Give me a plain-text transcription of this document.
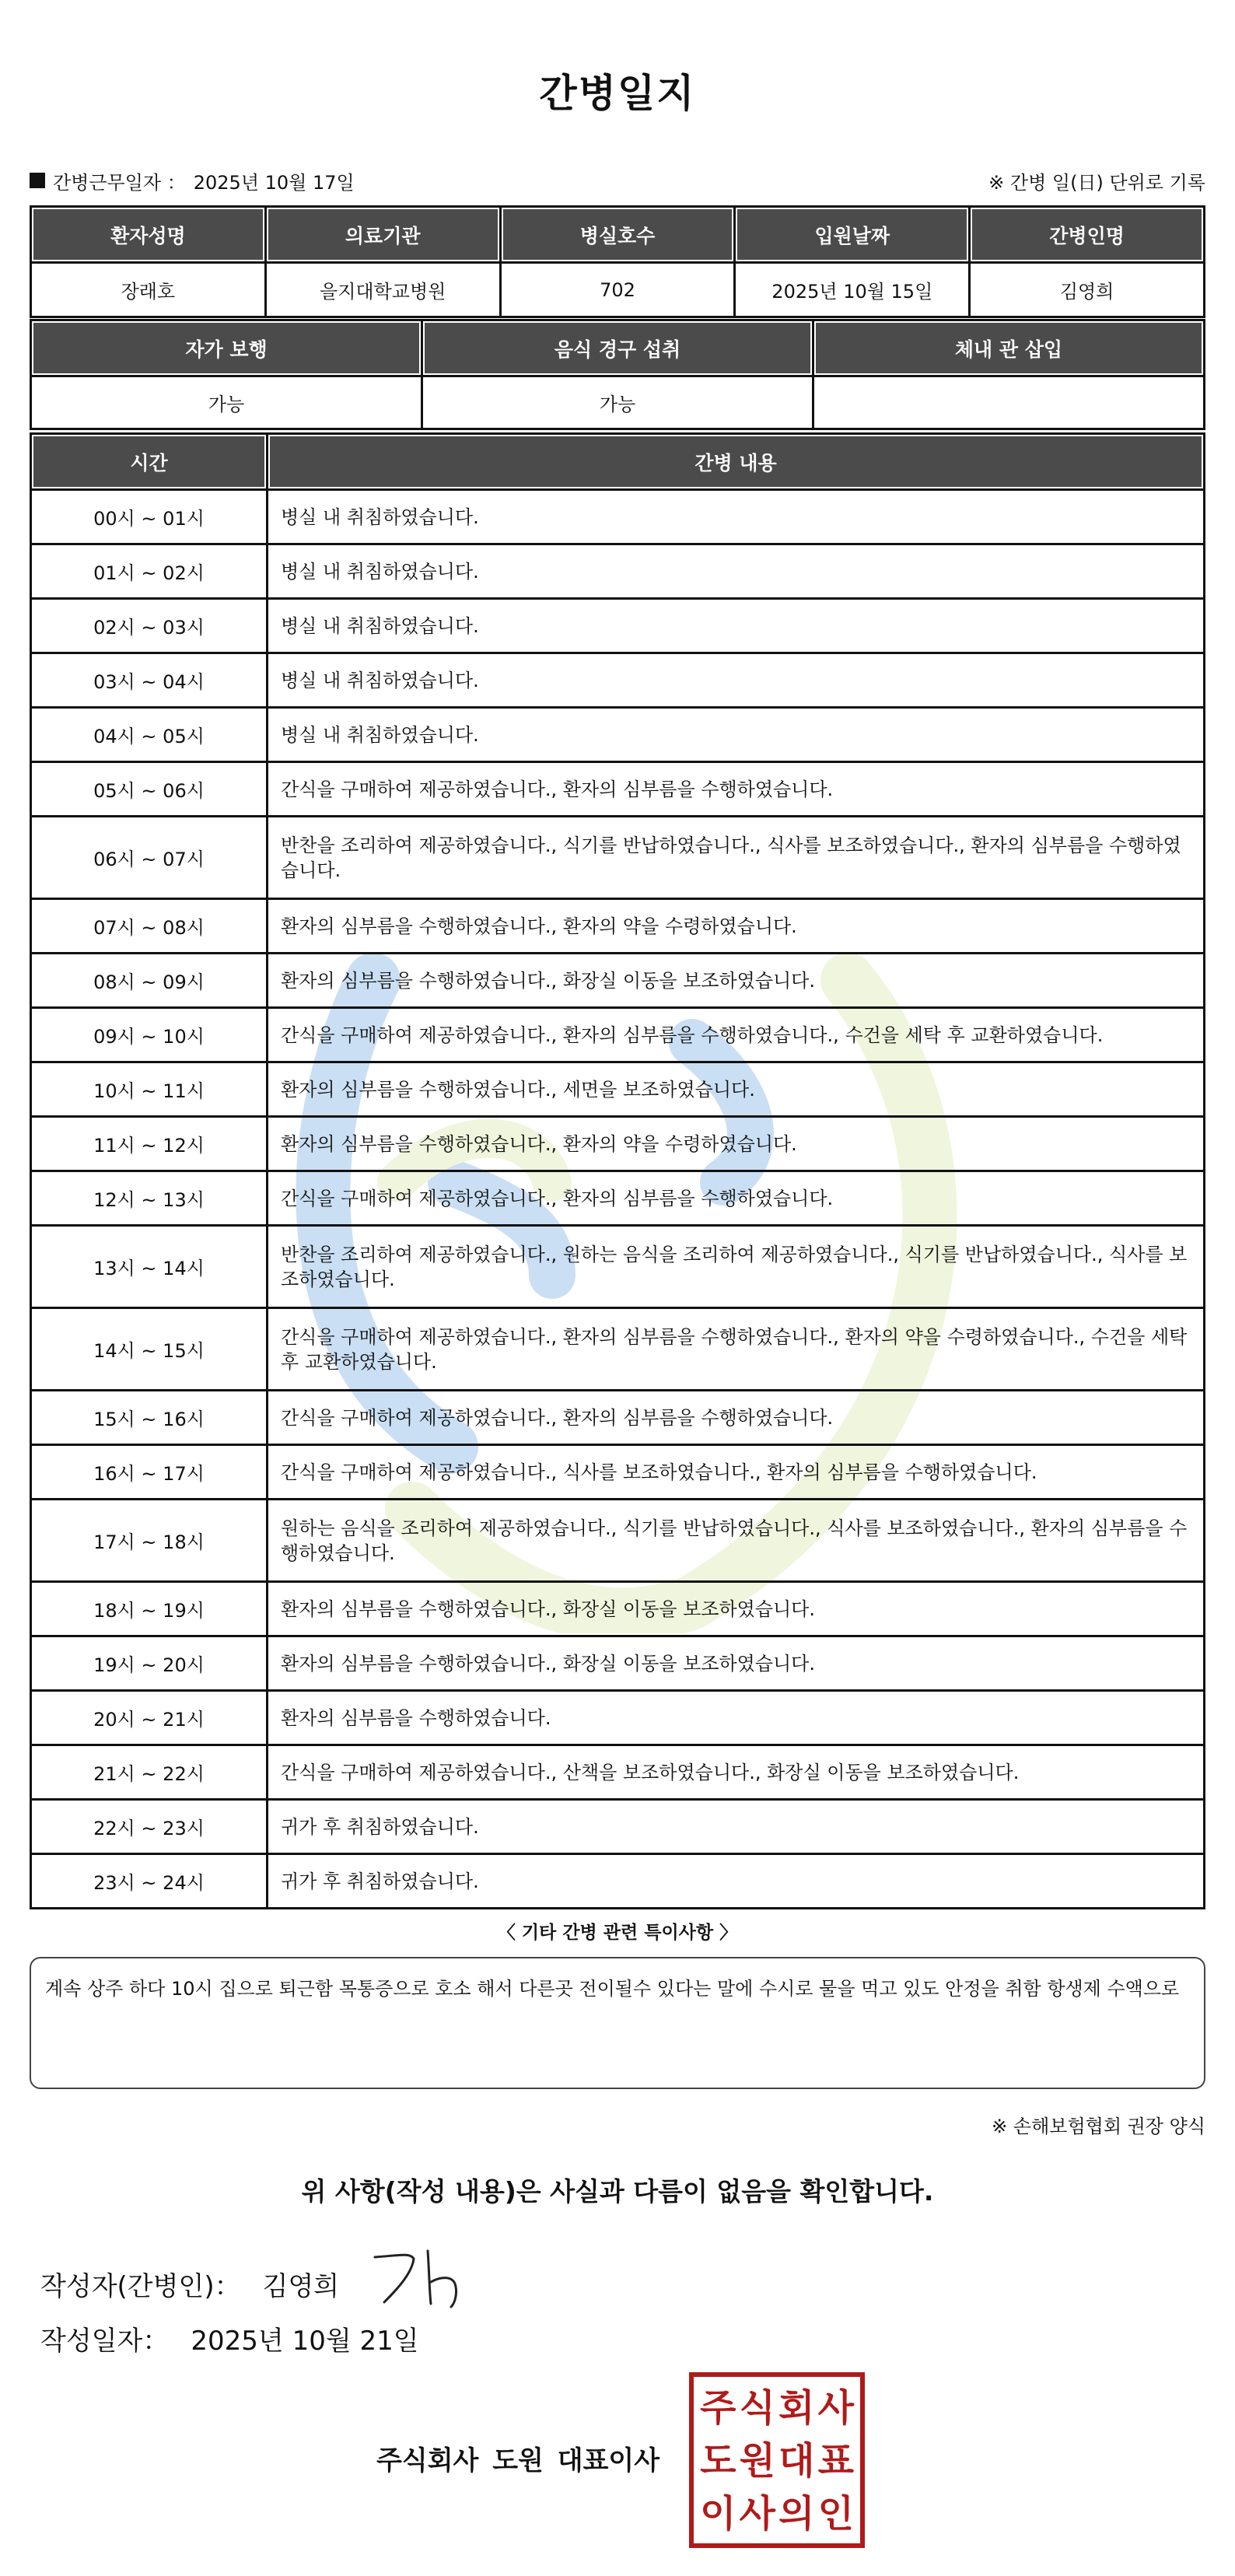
간병일지
간병근무일자 ： 2025년 10월 17일	※ 간병 일(日) 단위로 기록
환자성명	의료기관	병실호수	입원날짜	간병인명
장래호	을지대학교병원	702	2025년 10월 15일	김영희
자가 보행	음식 경구 섭취	체내 관 삽입
가능	가능	
시간	간병 내용
00시 ~ 01시	병실 내 취침하였습니다.
01시 ~ 02시	병실 내 취침하였습니다.
02시 ~ 03시	병실 내 취침하였습니다.
03시 ~ 04시	병실 내 취침하였습니다.
04시 ~ 05시	병실 내 취침하였습니다.
05시 ~ 06시	간식을 구매하여 제공하였습니다., 환자의 심부름을 수행하였습니다.
06시 ~ 07시	반찬을 조리하여 제공하였습니다., 식기를 반납하였습니다., 식사를 보조하였습니다., 환자의 심부름을 수행하였습니다.
07시 ~ 08시	환자의 심부름을 수행하였습니다., 환자의 약을 수령하였습니다.
08시 ~ 09시	환자의 심부름을 수행하였습니다., 화장실 이동을 보조하였습니다.
09시 ~ 10시	간식을 구매하여 제공하였습니다., 환자의 심부름을 수행하였습니다., 수건을 세탁 후 교환하였습니다.
10시 ~ 11시	환자의 심부름을 수행하였습니다., 세면을 보조하였습니다.
11시 ~ 12시	환자의 심부름을 수행하였습니다., 환자의 약을 수령하였습니다.
12시 ~ 13시	간식을 구매하여 제공하였습니다., 환자의 심부름을 수행하였습니다.
13시 ~ 14시	반찬을 조리하여 제공하였습니다., 원하는 음식을 조리하여 제공하였습니다., 식기를 반납하였습니다., 식사를 보조하였습니다.
14시 ~ 15시	간식을 구매하여 제공하였습니다., 환자의 심부름을 수행하였습니다., 환자의 약을 수령하였습니다., 수건을 세탁 후 교환하였습니다.
15시 ~ 16시	간식을 구매하여 제공하였습니다., 환자의 심부름을 수행하였습니다.
16시 ~ 17시	간식을 구매하여 제공하였습니다., 식사를 보조하였습니다., 환자의 심부름을 수행하였습니다.
17시 ~ 18시	원하는 음식을 조리하여 제공하였습니다., 식기를 반납하였습니다., 식사를 보조하였습니다., 환자의 심부름을 수행하였습니다.
18시 ~ 19시	환자의 심부름을 수행하였습니다., 화장실 이동을 보조하였습니다.
19시 ~ 20시	환자의 심부름을 수행하였습니다., 화장실 이동을 보조하였습니다.
20시 ~ 21시	환자의 심부름을 수행하였습니다.
21시 ~ 22시	간식을 구매하여 제공하였습니다., 산책을 보조하였습니다., 화장실 이동을 보조하였습니다.
22시 ~ 23시	귀가 후 취침하였습니다.
23시 ~ 24시	귀가 후 취침하였습니다.
〈 기타 간병 관련 특이사항 〉
계속 상주 하다 10시 집으로 퇴근함 목통증으로 호소 해서 다른곳 전이될수 있다는 말에 수시로 물을 먹고 있도 안정을 취함 항생제 수액으로
※ 손해보험협회 권장 양식
위 사항(작성 내용)은 사실과 다름이 없음을 확인합니다.
작성자(간병인)： 김영희
작성일자： 2025년 10월 21일
주식회사 도원 대표이사
주 식 회 사
도 원 대 표
이 사 의 인
